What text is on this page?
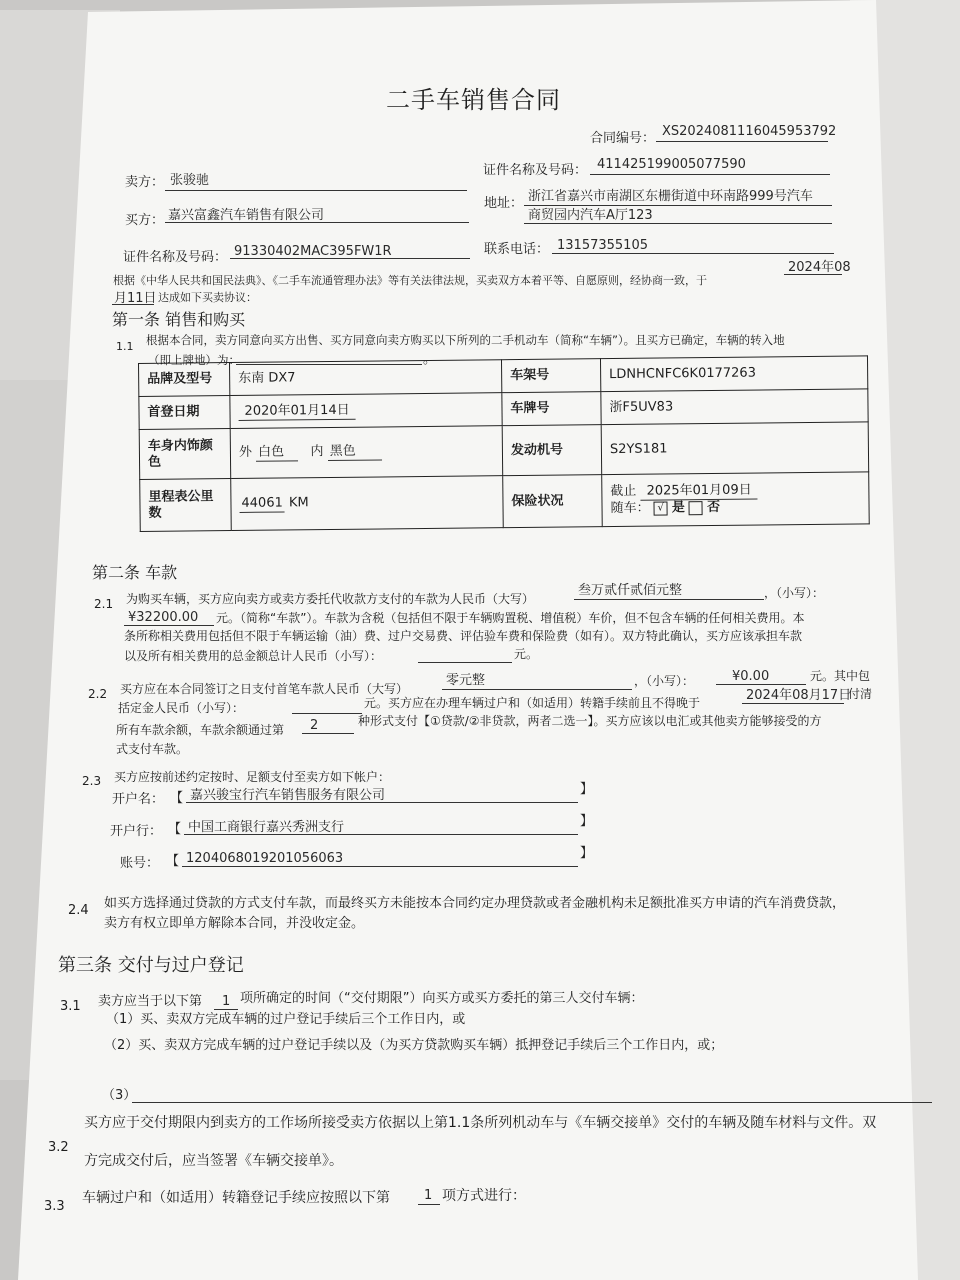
二手车销售合同
合同编号： XS2024081116045953792
卖方： 张骏驰
证件名称及号码： 411425199005077590
买方： 嘉兴富鑫汽车销售有限公司
地址： 浙江省嘉兴市南湖区东栅街道中环南路999号汽车
商贸园内汽车A厅123
证件名称及号码： 91330402MAC395FW1R	联系电话： 13157355105
根据《中华人民共和国民法典》、《二手车流通管理办法》等有关法律法规，买卖双方本着平等、自愿原则，经协商一致，于
2024年08
月11日 达成如下买卖协议：
第一条 销售和购买
1.1 根据本合同，卖方同意向买方出售、买方同意向卖方购买以下所列的二手机动车（简称“车辆”）。且买方已确定，车辆的转入地
（即上牌地）为：	。
品牌及型号	东南 DX7	车架号	LDNHCNFC6K0177263
首登日期	2020年01月14日	车牌号	浙F5UV83
车身内饰颜色	外 白色 内 黑色	发动机号	S2YS181
里程表公里数	44061 KM	保险状况	截止 2025年01月09日
随车： √ 是 否
第二条 车款
2.1 为购买车辆，买方应向卖方或卖方委托代收款方支付的车款为人民币（大写）
叁万贰仟贰佰元整	，（小写）：
¥32200.00 元。（简称“车款”）。车款为含税（包括但不限于车辆购置税、增值税）车价，但不包含车辆的任何相关费用。本
条所称相关费用包括但不限于车辆运输（油）费、过户交易费、评估验车费和保险费（如有）。双方特此确认，买方应该承担车款
以及所有相关费用的总金额总计人民币（小写）：	元。
2.2 买方应在本合同签订之日支付首笔车款人民币（大写）
零元整	，（小写）：	¥0.00	元。其中包
括定金人民币（小写）：	元。买方应在办理车辆过户和（如适用）转籍手续前且不得晚于	2024年08月17日
付清
所有车款余额，车款余额通过第 2	种形式支付【①贷款/②非贷款，两者二选一】。买方应该以电汇或其他卖方能够接受的方
式支付车款。
2.3 买方应按前述约定按时、足额支付至卖方如下帐户：
开户名： 【 嘉兴骏宝行汽车销售服务有限公司	】
开户行： 【 中国工商银行嘉兴秀洲支行	】
账号： 【 1204068019201056063	】
2.4 如买方选择通过贷款的方式支付车款，而最终买方未能按本合同约定办理贷款或者金融机构未足额批准买方申请的汽车消费贷款，
卖方有权立即单方解除本合同，并没收定金。
第三条 交付与过户登记
3.1 卖方应当于以下第 1 项所确定的时间（“交付期限”）向买方或买方委托的第三人交付车辆：
（1）买、卖双方完成车辆的过户登记手续后三个工作日内，或
（2）买、卖双方完成车辆的过户登记手续以及（为买方贷款购买车辆）抵押登记手续后三个工作日内，或；
（3）
3.2
买方应于交付期限内到卖方的工作场所接受卖方依据以上第1.1条所列机动车与《车辆交接单》交付的车辆及随车材料与文件。双
方完成交付后，应当签署《车辆交接单》。
3.3
车辆过户和（如适用）转籍登记手续应按照以下第	1 项方式进行：
